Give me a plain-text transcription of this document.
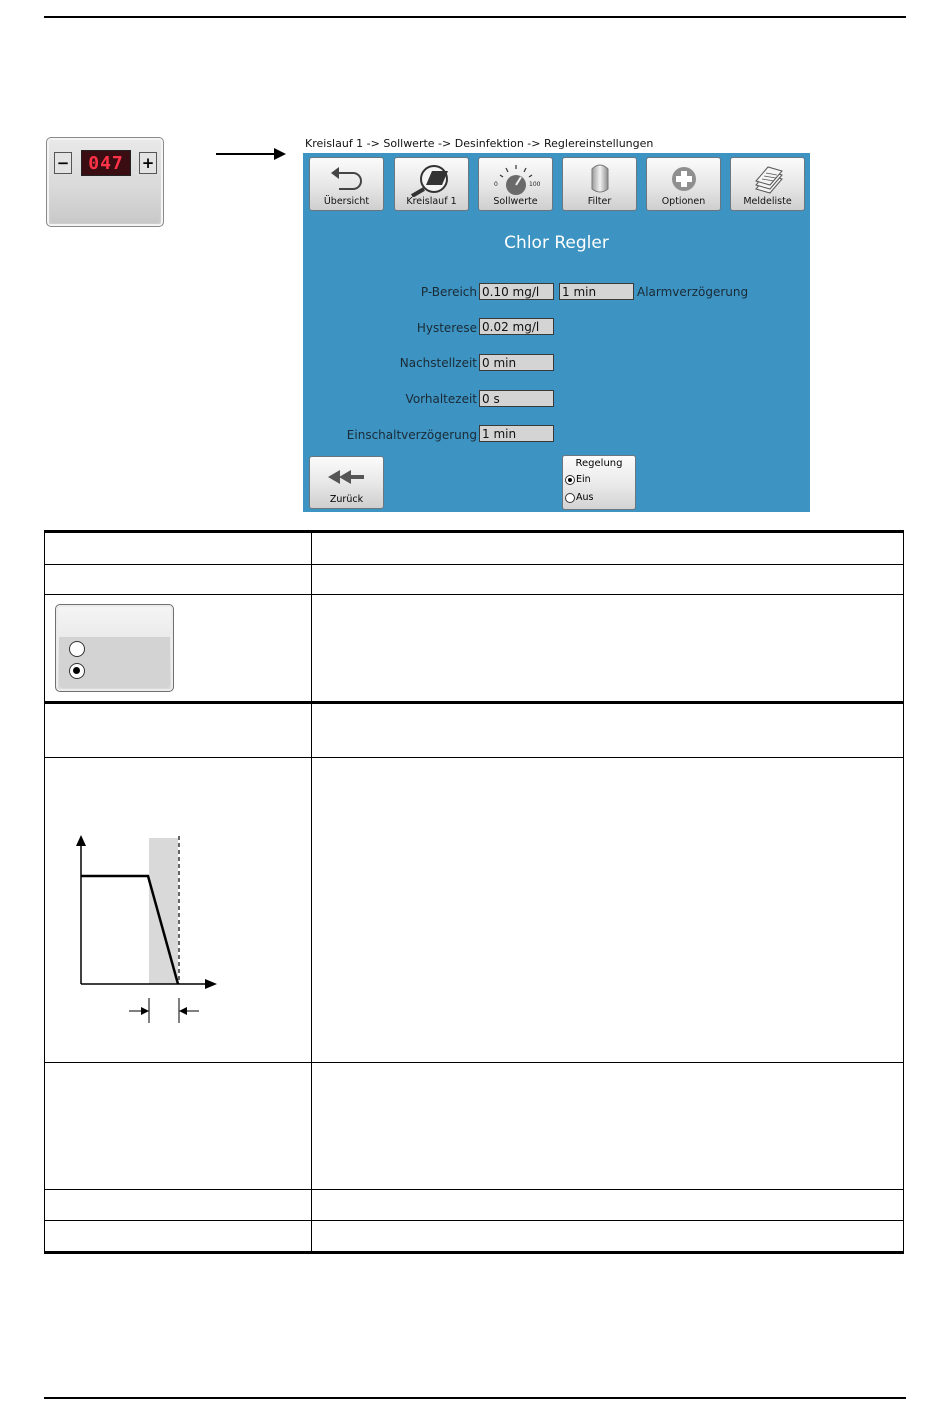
−	047	+
Kreislauf 1 -> Sollwerte -> Desinfektion -> Reglereinstellungen
Übersicht	Kreislauf 1
0	100
Sollwerte	Filter	Optionen	Meldeliste
Chlor Regler
P-Bereich 0.10 mg/l	1 min	Alarmverzögerung
Hysterese 0.02 mg/l
Nachstellzeit 0 min
Vorhaltezeit 0 s
Einschaltverzögerung 1 min
Zurück
Regelung
Ein
Aus
